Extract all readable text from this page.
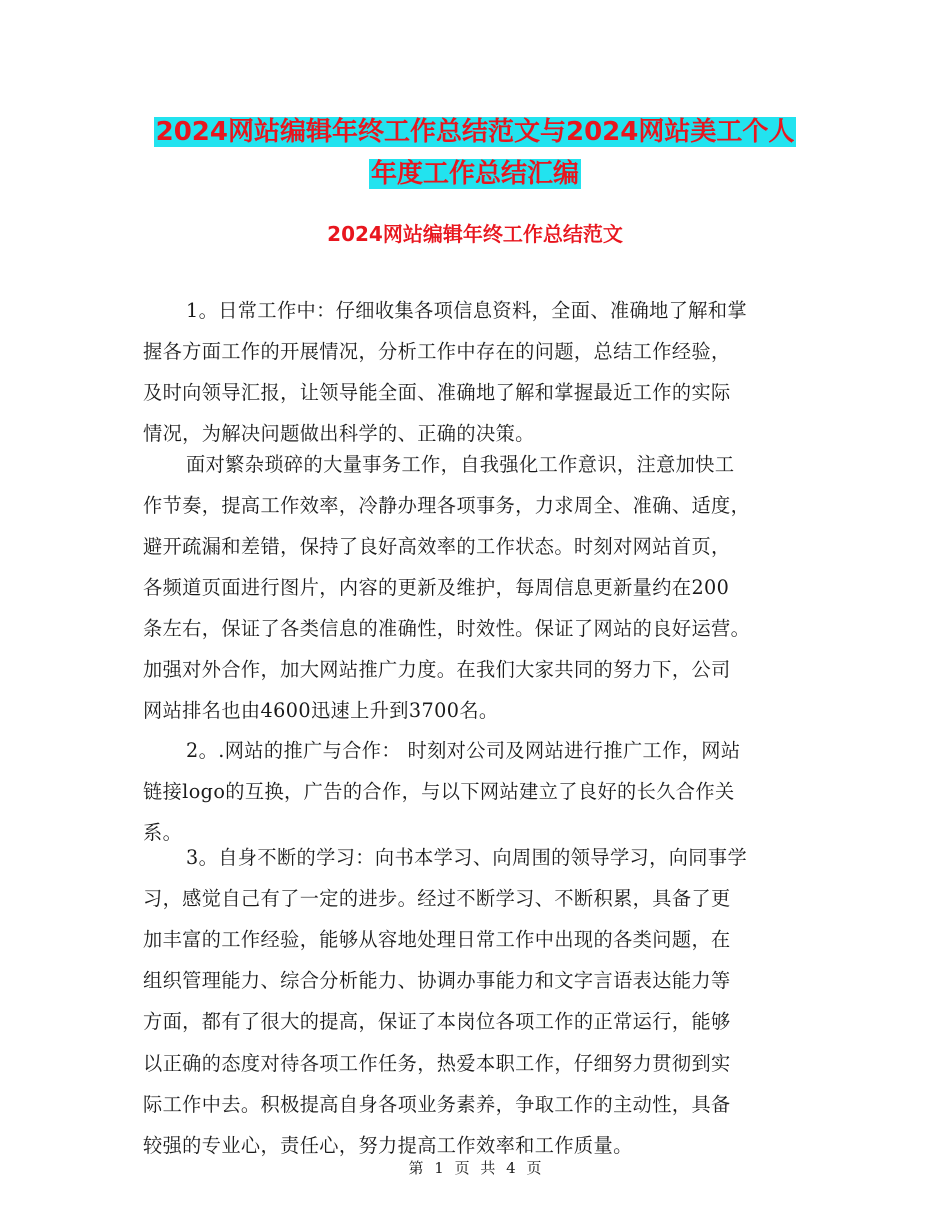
2024网站编辑年终工作总结范文与2024网站美工个人
年度工作总结汇编
2024网站编辑年终工作总结范文
1。日常工作中：仔细收集各项信息资料，全面、准确地了解和掌
握各方面工作的开展情况，分析工作中存在的问题，总结工作经验，
及时向领导汇报，让领导能全面、准确地了解和掌握最近工作的实际
情况，为解决问题做出科学的、正确的决策。
面对繁杂琐碎的大量事务工作，自我强化工作意识，注意加快工
作节奏，提高工作效率，冷静办理各项事务，力求周全、准确、适度，
避开疏漏和差错，保持了良好高效率的工作状态。时刻对网站首页，
各频道页面进行图片，内容的更新及维护，每周信息更新量约在200
条左右，保证了各类信息的准确性，时效性。保证了网站的良好运营。
加强对外合作，加大网站推广力度。在我们大家共同的努力下，公司
网站排名也由4600迅速上升到3700名。
2。.网站的推广与合作： 时刻对公司及网站进行推广工作，网站
链接logo的互换，广告的合作，与以下网站建立了良好的长久合作关
系。
3。自身不断的学习：向书本学习、向周围的领导学习，向同事学
习，感觉自己有了一定的进步。经过不断学习、不断积累，具备了更
加丰富的工作经验，能够从容地处理日常工作中出现的各类问题，在
组织管理能力、综合分析能力、协调办事能力和文字言语表达能力等
方面，都有了很大的提高，保证了本岗位各项工作的正常运行，能够
以正确的态度对待各项工作任务，热爱本职工作，仔细努力贯彻到实
际工作中去。积极提高自身各项业务素养，争取工作的主动性，具备
较强的专业心，责任心，努力提高工作效率和工作质量。
第 1 页 共 4 页
